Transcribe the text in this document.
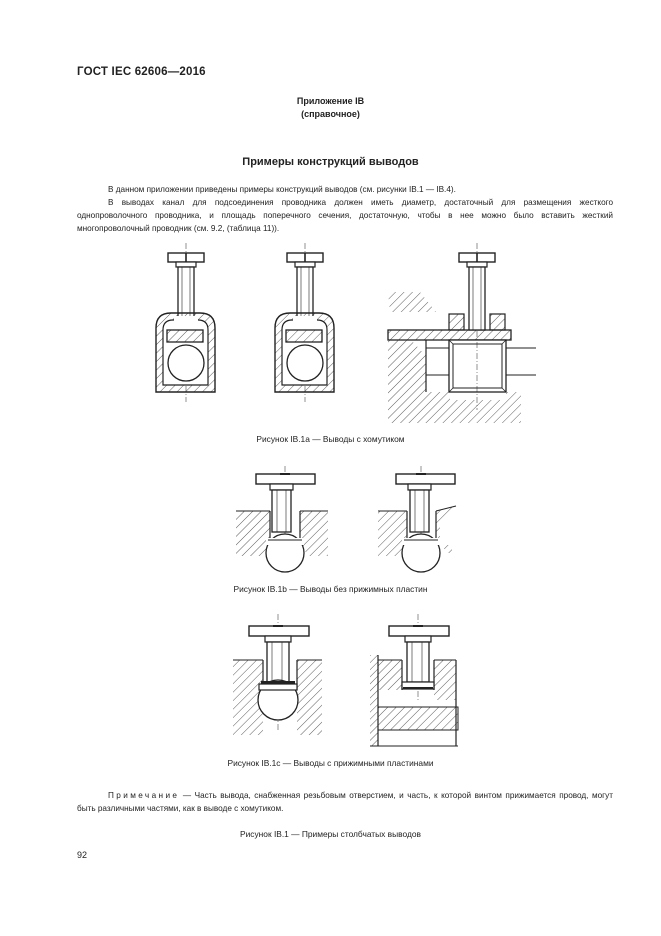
ГОСТ IEC 62606—2016
Приложение IB
(справочное)
Примеры конструкций выводов
В данном приложении приведены примеры конструкций выводов (см. рисунки IB.1 — IB.4).
В выводах канал для подсоединения проводника должен иметь диаметр, достаточный для размещения жесткого однопроволочного проводника, и площадь поперечного сечения, достаточную, чтобы в нее можно было вставить жесткий многопроволочный проводник (см. 9.2, (таблица 11)).
Рисунок IB.1а — Выводы с хомутиком
Рисунок IB.1b — Выводы без прижимных пластин
Рисунок IB.1с — Выводы с прижимными пластинами
Примечание — Часть вывода, снабженная резьбовым отверстием, и часть, к которой винтом прижимается провод, могут быть различными частями, как в выводе с хомутиком.
Рисунок IB.1 — Примеры столбчатых выводов
92
